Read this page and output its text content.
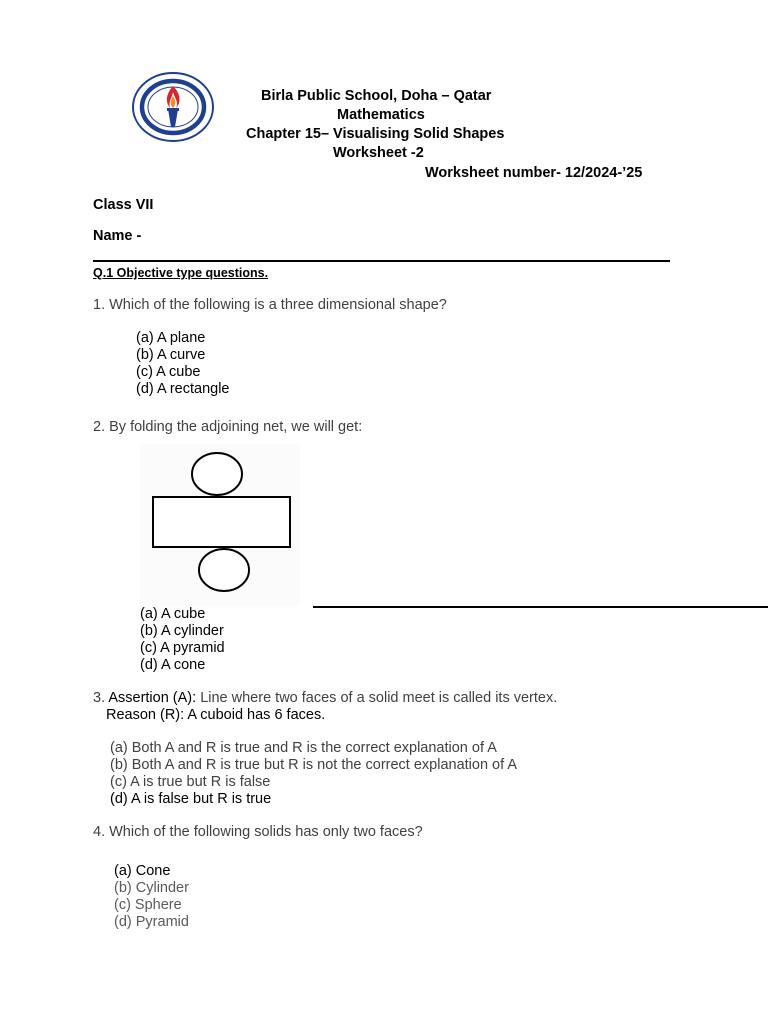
Birla Public School, Doha – Qatar
Mathematics
Chapter 15– Visualising Solid Shapes
Worksheet -2
Worksheet number- 12/2024-’25
Class VII
Name -
Q.1 Objective type questions.
1. Which of the following is a three dimensional shape?
(a) A plane
(b) A curve
(c) A cube
(d) A rectangle
2. By folding the adjoining net, we will get:
(a) A cube
(b) A cylinder
(c) A pyramid
(d) A cone
3. Assertion (A): Line where two faces of a solid meet is called its vertex.
Reason (R): A cuboid has 6 faces.
(a) Both A and R is true and R is the correct explanation of A
(b) Both A and R is true but R is not the correct explanation of A
(c) A is true but R is false
(d) A is false but R is true
4. Which of the following solids has only two faces?
(a) Cone
(b) Cylinder
(c) Sphere
(d) Pyramid
